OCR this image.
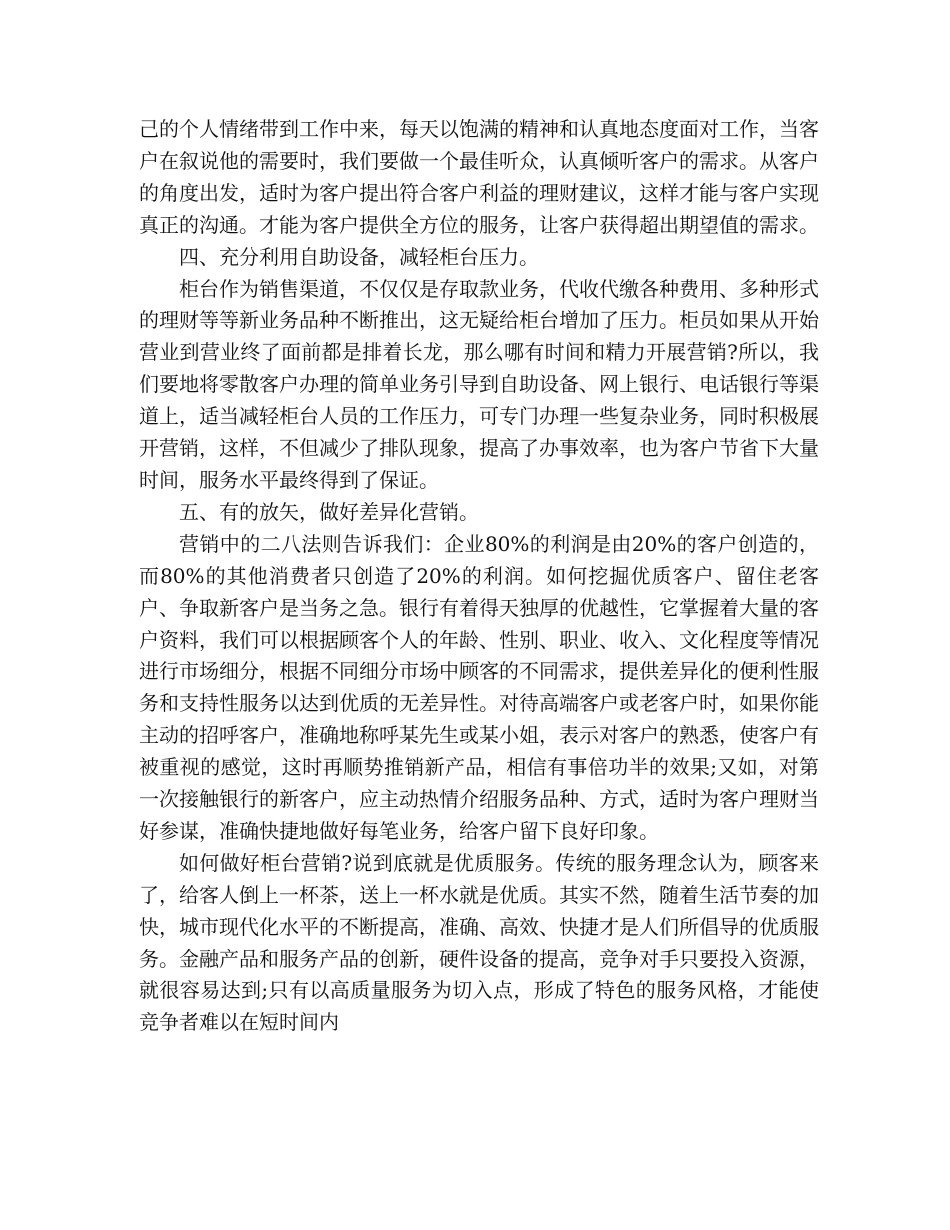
己的个人情绪带到工作中来，每天以饱满的精神和认真地态度面对工作，当客户在叙说他的需要时，我们要做一个最佳听众，认真倾听客户的需求。从客户的角度出发，适时为客户提出符合客户利益的理财建议，这样才能与客户实现真正的沟通。才能为客户提供全方位的服务，让客户获得超出期望值的需求。

四、充分利用自助设备，减轻柜台压力。

柜台作为销售渠道，不仅仅是存取款业务，代收代缴各种费用、多种形式的理财等等新业务品种不断推出，这无疑给柜台增加了压力。柜员如果从开始营业到营业终了面前都是排着长龙，那么哪有时间和精力开展营销?所以，我们要地将零散客户办理的简单业务引导到自助设备、网上银行、电话银行等渠道上，适当减轻柜台人员的工作压力，可专门办理一些复杂业务，同时积极展开营销，这样，不但减少了排队现象，提高了办事效率，也为客户节省下大量时间，服务水平最终得到了保证。

五、有的放矢，做好差异化营销。

营销中的二八法则告诉我们：企业80%的利润是由20%的客户创造的，而80%的其他消费者只创造了20%的利润。如何挖掘优质客户、留住老客户、争取新客户是当务之急。银行有着得天独厚的优越性，它掌握着大量的客户资料，我们可以根据顾客个人的年龄、性别、职业、收入、文化程度等情况进行市场细分，根据不同细分市场中顾客的不同需求，提供差异化的便利性服务和支持性服务以达到优质的无差异性。对待高端客户或老客户时，如果你能主动的招呼客户，准确地称呼某先生或某小姐，表示对客户的熟悉，使客户有被重视的感觉，这时再顺势推销新产品，相信有事倍功半的效果;又如，对第一次接触银行的新客户，应主动热情介绍服务品种、方式，适时为客户理财当好参谋，准确快捷地做好每笔业务，给客户留下良好印象。

如何做好柜台营销?说到底就是优质服务。传统的服务理念认为，顾客来了，给客人倒上一杯茶，送上一杯水就是优质。其实不然，随着生活节奏的加快，城市现代化水平的不断提高，准确、高效、快捷才是人们所倡导的优质服务。金融产品和服务产品的创新，硬件设备的提高，竞争对手只要投入资源，就很容易达到;只有以高质量服务为切入点，形成了特色的服务风格，才能使竞争者难以在短时间内
